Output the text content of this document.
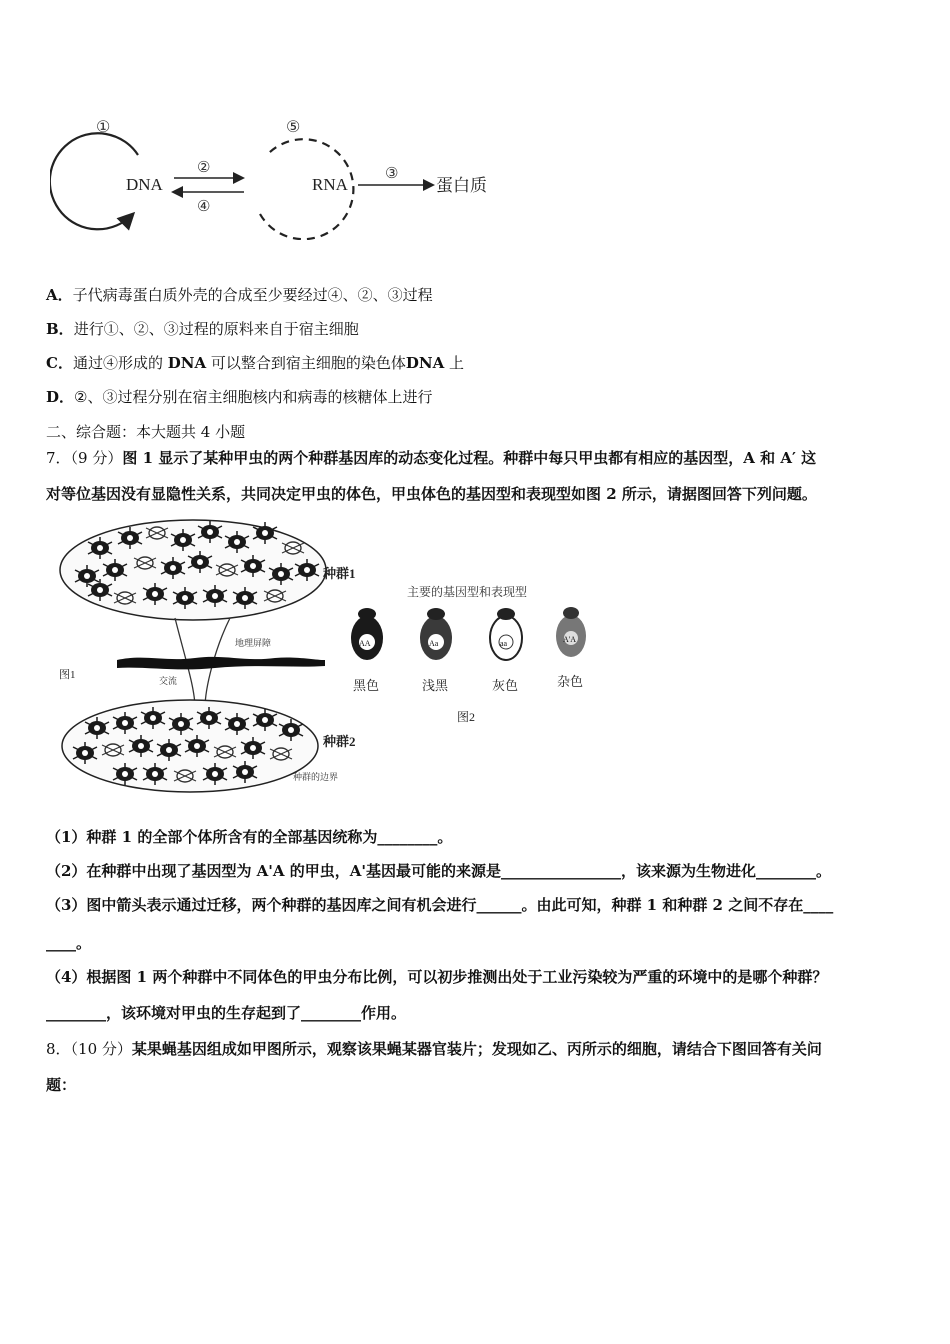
①
DNA
②
④
⑤
RNA
③
蛋白质
A．子代病毒蛋白质外壳的合成至少要经过④、②、③过程
B．进行①、②、③过程的原料来自于宿主细胞
C．通过④形成的 DNA 可以整合到宿主细胞的染色体DNA 上
D．②、③过程分别在宿主细胞核内和病毒的核糖体上进行
二、综合题：本大题共 4 小题
7．（9 分）图 1 显示了某种甲虫的两个种群基因库的动态变化过程。种群中每只甲虫都有相应的基因型，A 和 A′ 这
对等位基因没有显隐性关系，共同决定甲虫的体色，甲虫体色的基因型和表现型如图 2 所示，请据图回答下列问题。
种群1
地理屏障
交流
图1
种群2
种群的边界
主要的基因型和表现型
AA	Aa	aa	A'A
黑色	浅黑	灰色	杂色
图2
（1）种群 1 的全部个体所含有的全部基因统称为________。
（2）在种群中出现了基因型为 A'A 的甲虫，A'基因最可能的来源是________________，该来源为生物进化________。
（3）图中箭头表示通过迁移，两个种群的基因库之间有机会进行______。由此可知，种群 1 和种群 2 之间不存在____
____。
（4）根据图 1 两个种群中不同体色的甲虫分布比例，可以初步推测出处于工业污染较为严重的环境中的是哪个种群？
________，该环境对甲虫的生存起到了________作用。
8．（10 分）某果蝇基因组成如甲图所示，观察该果蝇某器官装片；发现如乙、丙所示的细胞，请结合下图回答有关问
题：
